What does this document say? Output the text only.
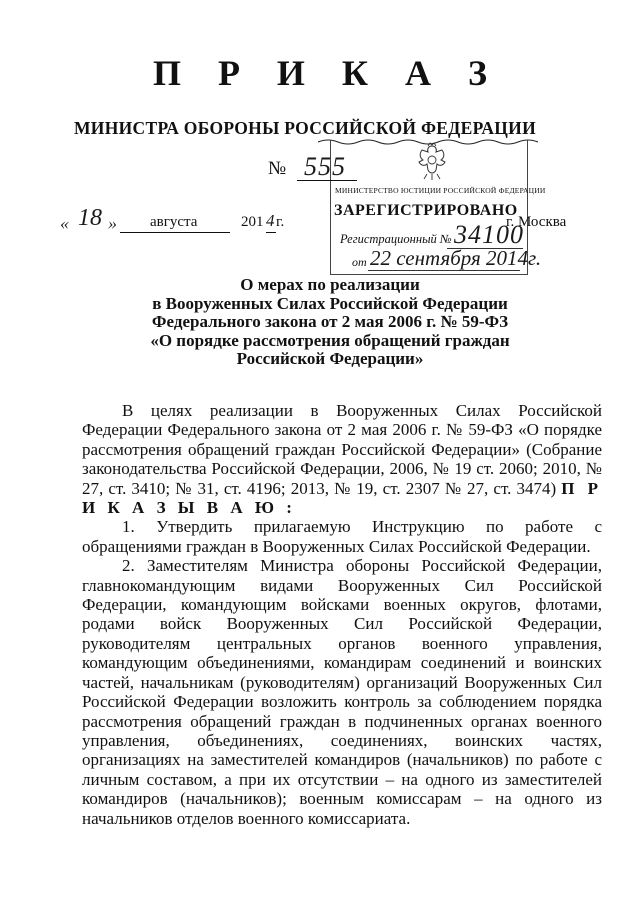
П Р И К А З
МИНИСТРА ОБОРОНЫ РОССИЙСКОЙ ФЕДЕРАЦИИ
МИНИСТЕРСТВО ЮСТИЦИИ РОССИЙСКОЙ ФЕДЕРАЦИИ
ЗАРЕГИСТРИРОВАНО
Регистрационный № 34100
от 22 сентября 2014г.
№ 555
« 18 » августа	201 4 г.	г. Москва
О мерах по реализации
в Вооруженных Силах Российской Федерации
Федерального закона от 2 мая 2006 г. № 59-ФЗ
«О порядке рассмотрения обращений граждан
Российской Федерации»

В целях реализации в Вооруженных Силах Российской Федерации Федерального закона от 2 мая 2006 г. № 59-ФЗ «О порядке рассмотрения обращений граждан Российской Федерации» (Собрание законодательства Российской Федерации, 2006, № 19 ст. 2060; 2010, № 27, ст. 3410; № 31, ст. 4196; 2013, № 19, ст. 2307 № 27, ст. 3474) П Р И К А З Ы В А Ю :

1. Утвердить прилагаемую Инструкцию по работе с обращениями граждан в Вооруженных Силах Российской Федерации.

2. Заместителям Министра обороны Российской Федерации, главнокомандующим видами Вооруженных Сил Российской Федерации, командующим войсками военных округов, флотами, родами войск Вооруженных Сил Российской Федерации, руководителям центральных органов военного управления, командующим объединениями, командирам соединений и воинских частей, начальникам (руководителям) организаций Вооруженных Сил Российской Федерации возложить контроль за соблюдением порядка рассмотрения обращений граждан в подчиненных органах военного управления, объединениях, соединениях, воинских частях, организациях на заместителей командиров (начальников) по работе с личным составом, а при их отсутствии – на одного из заместителей командиров (начальников); военным комиссарам – на одного из начальников отделов военного комиссариата.
